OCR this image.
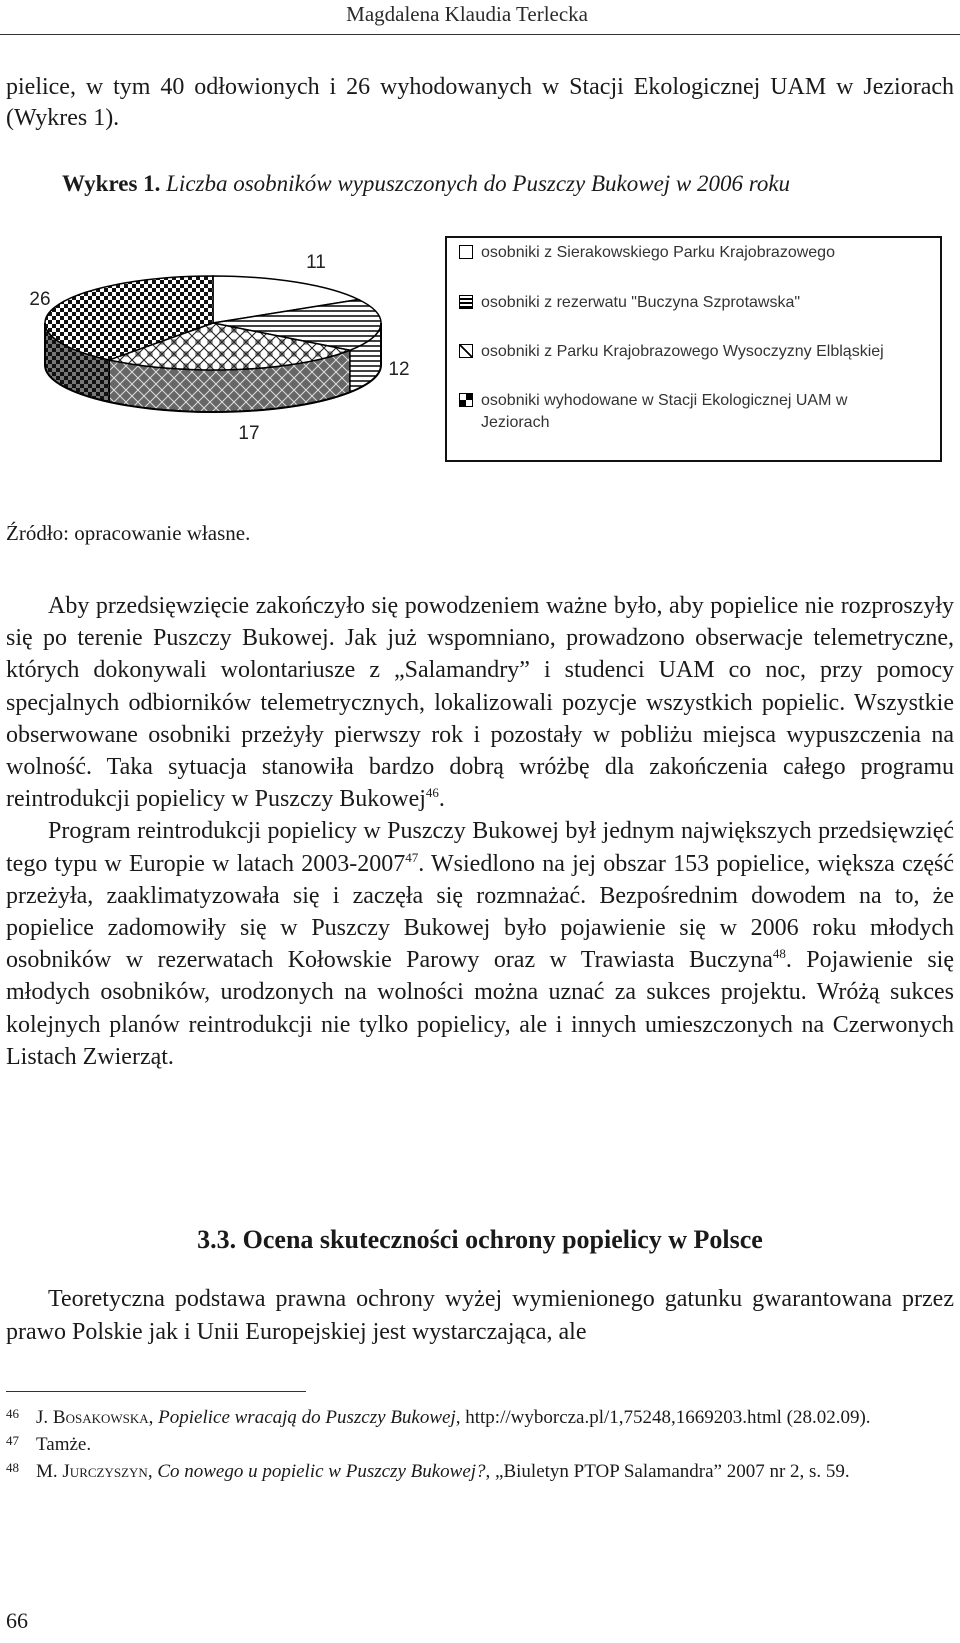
Magdalena Klaudia Terlecka
pielice, w tym 40 odłowionych i 26 wyhodowanych w Stacji Ekologicznej UAM w Jeziorach (Wykres 1).
Wykres 1. Liczba osobników wypuszczonych do Puszczy Bukowej w 2006 roku
11
12
17
26
osobniki z Sierakowskiego Parku Krajobrazowego
osobniki z rezerwatu "Buczyna Szprotawska"
osobniki z Parku Krajobrazowego Wysoczyzny Elbląskiej
osobniki wyhodowane w Stacji Ekologicznej UAM w Jeziorach
Źródło: opracowanie własne.

Aby przedsięwzięcie zakończyło się powodzeniem ważne było, aby popielice nie rozproszyły się po terenie Puszczy Bukowej. Jak już wspomniano, prowadzono obserwacje telemetryczne, których dokonywali wolontariusze z „Salamandry” i studenci UAM co noc, przy pomocy specjalnych odbiorników telemetrycznych, lokalizowali pozycje wszystkich popielic. Wszystkie obserwowane osobniki przeżyły pierwszy rok i pozostały w pobliżu miejsca wypuszczenia na wolność. Taka sytuacja stanowiła bardzo dobrą wróżbę dla zakończenia całego programu reintrodukcji popielicy w Puszczy Bukowej$^{46}$.

Program reintrodukcji popielicy w Puszczy Bukowej był jednym największych przedsięwzięć tego typu w Europie w latach 2003-2007$^{47}$. Wsiedlono na jej obszar 153 popielice, większa część przeżyła, zaaklimatyzowała się i zaczęła się rozmnażać. Bezpośrednim dowodem na to, że popielice zadomowiły się w Puszczy Bukowej było pojawienie się w 2006 roku młodych osobników w rezerwatach Kołowskie Parowy oraz w Trawiasta Buczyna$^{48}$. Pojawienie się młodych osobników, urodzonych na wolności można uznać za sukces projektu. Wróżą sukces kolejnych planów reintrodukcji nie tylko popielicy, ale i innych umieszczonych na Czerwonych Listach Zwierząt.

3.3. Ocena skuteczności ochrony popielicy w Polsce

Teoretyczna podstawa prawna ochrony wyżej wymienionego gatunku gwarantowana przez prawo Polskie jak i Unii Europejskiej jest wystarczająca, ale

46 J. Bosakowska, Popielice wracają do Puszczy Bukowej, http://wyborcza.pl/1,75248,1669203.html (28.02.09).
47 Tamże.
48 M. Jurczyszyn, Co nowego u popielic w Puszczy Bukowej?, „Biuletyn PTOP Salamandra” 2007 nr 2, s. 59.
66
